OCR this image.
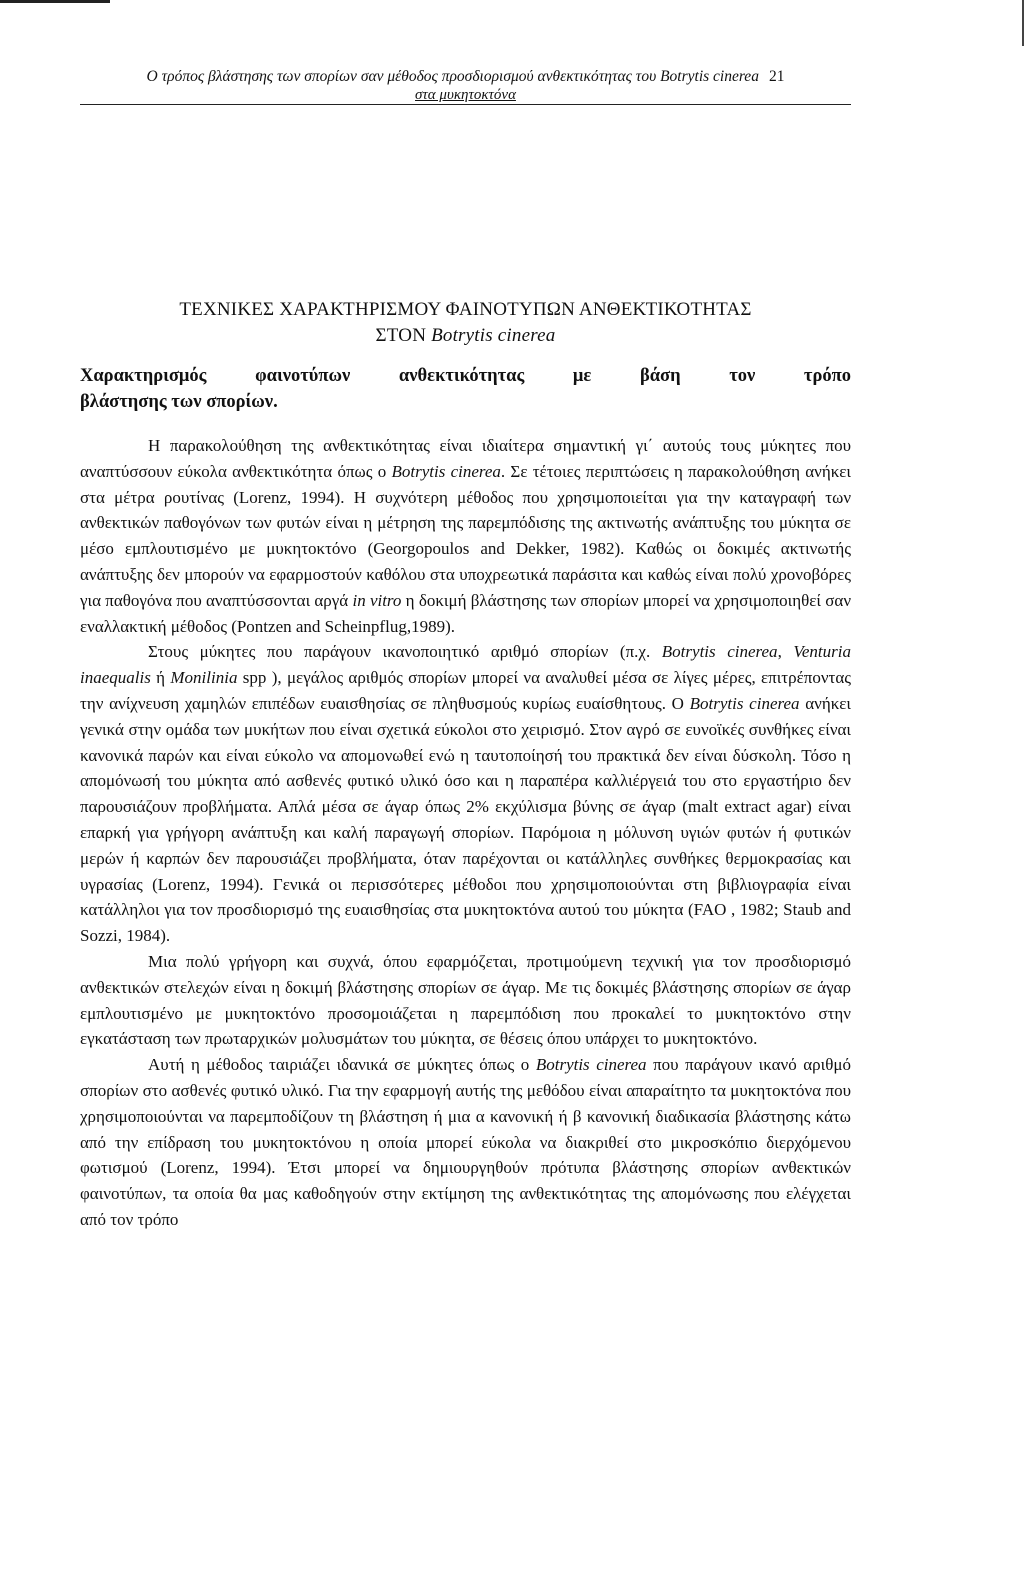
Ο τρόπος βλάστησης των σπορίων σαν μέθοδος προσδιορισμού ανθεκτικότητας του Botrytis cinerea 21
στα μυκητοκτόνα
ΤΕΧΝΙΚΕΣ ΧΑΡΑΚΤΗΡΙΣΜΟΥ ΦΑΙΝΟΤΥΠΩΝ ΑΝΘΕΚΤΙΚΟΤΗΤΑΣ
ΣΤΟΝ Botrytis cinerea
Χαρακτηρισμός φαινοτύπων ανθεκτικότητας με βάση τον τρόπο
βλάστησης των σπορίων.

Η παρακολούθηση της ανθεκτικότητας είναι ιδιαίτερα σημαντική γι΄ αυτούς τους μύκητες που αναπτύσσουν εύκολα ανθεκτικότητα όπως ο Botrytis cinerea. Σε τέτοιες περιπτώσεις η παρακολούθηση ανήκει στα μέτρα ρουτίνας (Lorenz, 1994). Η συχνότερη μέθοδος που χρησιμοποιείται για την καταγραφή των ανθεκτικών παθογόνων των φυτών είναι η μέτρηση της παρεμπόδισης της ακτινωτής ανάπτυξης του μύκητα σε μέσο εμπλουτισμένο με μυκητοκτόνο (Georgopoulos and Dekker, 1982). Καθώς οι δοκιμές ακτινωτής ανάπτυξης δεν μπορούν να εφαρμοστούν καθόλου στα υποχρεωτικά παράσιτα και καθώς είναι πολύ χρονοβόρες για παθογόνα που αναπτύσσονται αργά in vitro η δοκιμή βλάστησης των σπορίων μπορεί να χρησιμοποιηθεί σαν εναλλακτική μέθοδος (Pontzen and Scheinpflug,1989).

Στους μύκητες που παράγουν ικανοποιητικό αριθμό σπορίων (π.χ. Botrytis cinerea, Venturia inaequalis ή Monilinia spp ), μεγάλος αριθμός σπορίων μπορεί να αναλυθεί μέσα σε λίγες μέρες, επιτρέποντας την ανίχνευση χαμηλών επιπέδων ευαισθησίας σε πληθυσμούς κυρίως ευαίσθητους. Ο Botrytis cinerea ανήκει γενικά στην ομάδα των μυκήτων που είναι σχετικά εύκολοι στο χειρισμό. Στον αγρό σε ευνοϊκές συνθήκες είναι κανονικά παρών και είναι εύκολο να απομονωθεί ενώ η ταυτοποίησή του πρακτικά δεν είναι δύσκολη. Τόσο η απομόνωσή του μύκητα από ασθενές φυτικό υλικό όσο και η παραπέρα καλλιέργειά του στο εργαστήριο δεν παρουσιάζουν προβλήματα. Απλά μέσα σε άγαρ όπως 2% εκχύλισμα βύνης σε άγαρ (malt extract agar) είναι επαρκή για γρήγορη ανάπτυξη και καλή παραγωγή σπορίων. Παρόμοια η μόλυνση υγιών φυτών ή φυτικών μερών ή καρπών δεν παρουσιάζει προβλήματα, όταν παρέχονται οι κατάλληλες συνθήκες θερμοκρασίας και υγρασίας (Lorenz, 1994). Γενικά οι περισσότερες μέθοδοι που χρησιμοποιούνται στη βιβλιογραφία είναι κατάλληλοι για τον προσδιορισμό της ευαισθησίας στα μυκητοκτόνα αυτού του μύκητα (FAO , 1982; Staub and Sozzi, 1984).

Μια πολύ γρήγορη και συχνά, όπου εφαρμόζεται, προτιμούμενη τεχνική για τον προσδιορισμό ανθεκτικών στελεχών είναι η δοκιμή βλάστησης σπορίων σε άγαρ. Με τις δοκιμές βλάστησης σπορίων σε άγαρ εμπλουτισμένο με μυκητοκτόνο προσομοιάζεται η παρεμπόδιση που προκαλεί το μυκητοκτόνο στην εγκατάσταση των πρωταρχικών μολυσμάτων του μύκητα, σε θέσεις όπου υπάρχει το μυκητοκτόνο.

Αυτή η μέθοδος ταιριάζει ιδανικά σε μύκητες όπως ο Botrytis cinerea που παράγουν ικανό αριθμό σπορίων στο ασθενές φυτικό υλικό. Για την εφαρμογή αυτής της μεθόδου είναι απαραίτητο τα μυκητοκτόνα που χρησιμοποιούνται να παρεμποδίζουν τη βλάστηση ή μια α κανονική ή β κανονική διαδικασία βλάστησης κάτω από την επίδραση του μυκητοκτόνου η οποία μπορεί εύκολα να διακριθεί στο μικροσκόπιο διερχόμενου φωτισμού (Lorenz, 1994). Έτσι μπορεί να δημιουργηθούν πρότυπα βλάστησης σπορίων ανθεκτικών φαινοτύπων, τα οποία θα μας καθοδηγούν στην εκτίμηση της ανθεκτικότητας της απομόνωσης που ελέγχεται από τον τρόπο
